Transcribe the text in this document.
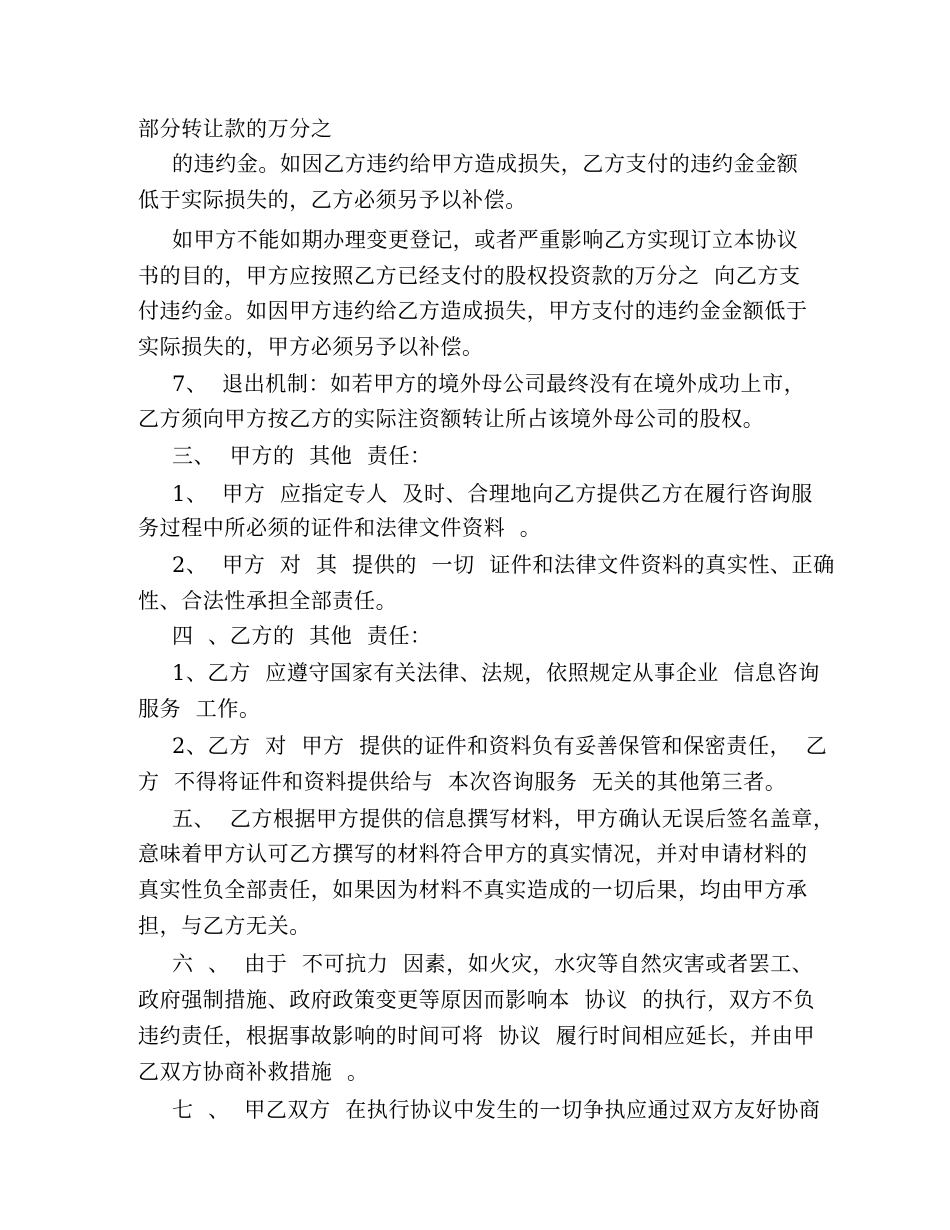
部分转让款的万分之
的违约金。如因乙方违约给甲方造成损失，乙方支付的违约金金额
低于实际损失的，乙方必须另予以补偿。
如甲方不能如期办理变更登记，或者严重影响乙方实现订立本协议
书的目的，甲方应按照乙方已经支付的股权投资款的万分之  向乙方支
付违约金。如因甲方违约给乙方造成损失，甲方支付的违约金金额低于
实际损失的，甲方必须另予以补偿。
7、  退出机制：如若甲方的境外母公司最终没有在境外成功上市，
乙方须向甲方按乙方的实际注资额转让所占该境外母公司的股权。
三、  甲方的  其他  责任：
1、  甲方  应指定专人  及时、合理地向乙方提供乙方在履行咨询服
务过程中所必须的证件和法律文件资料  。
2、  甲方  对  其  提供的  一切  证件和法律文件资料的真实性、正确
性、合法性承担全部责任。
四  、乙方的  其他  责任：
1、乙方  应遵守国家有关法律、法规，依照规定从事企业  信息咨询
服务  工作。
2、乙方  对  甲方  提供的证件和资料负有妥善保管和保密责任，  乙
方  不得将证件和资料提供给与  本次咨询服务  无关的其他第三者。
五、  乙方根据甲方提供的信息撰写材料，甲方确认无误后签名盖章，
意味着甲方认可乙方撰写的材料符合甲方的真实情况，并对申请材料的
真实性负全部责任，如果因为材料不真实造成的一切后果，均由甲方承
担，与乙方无关。
六  、  由于  不可抗力  因素，如火灾，水灾等自然灾害或者罢工、
政府强制措施、政府政策变更等原因而影响本  协议  的执行，双方不负
违约责任，根据事故影响的时间可将  协议  履行时间相应延长，并由甲
乙双方协商补救措施  。
七  、  甲乙双方  在执行协议中发生的一切争执应通过双方友好协商
